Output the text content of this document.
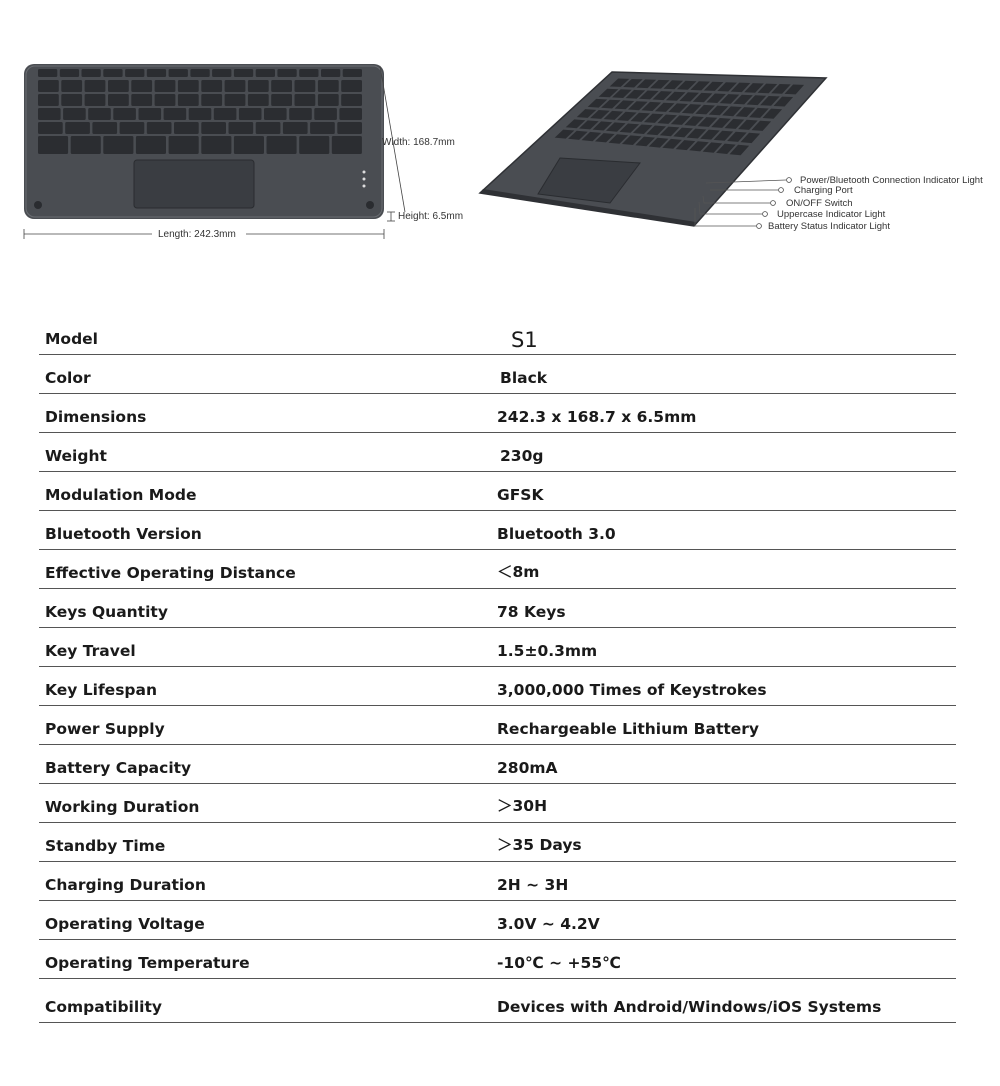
Length: 242.3mm
Width: 168.7mm
Height: 6.5mm
Power/Bluetooth Connection Indicator Light
Charging Port
ON/OFF Switch
Uppercase Indicator Light
Battery Status Indicator Light
Model	S1
Color	Black
Dimensions	242.3 x 168.7 x 6.5mm
Weight	230g
Modulation Mode	GFSK
Bluetooth Version	Bluetooth 3.0
Effective Operating Distance	＜8m
Keys Quantity	78 Keys
Key Travel	1.5±0.3mm
Key Lifespan	3,000,000 Times of Keystrokes
Power Supply	Rechargeable Lithium Battery
Battery Capacity	280mA
Working Duration	＞30H
Standby Time	＞35 Days
Charging Duration	2H ~ 3H
Operating Voltage	3.0V ~ 4.2V
Operating Temperature	-10℃ ~ +55℃
Compatibility	Devices with Android/Windows/iOS Systems
